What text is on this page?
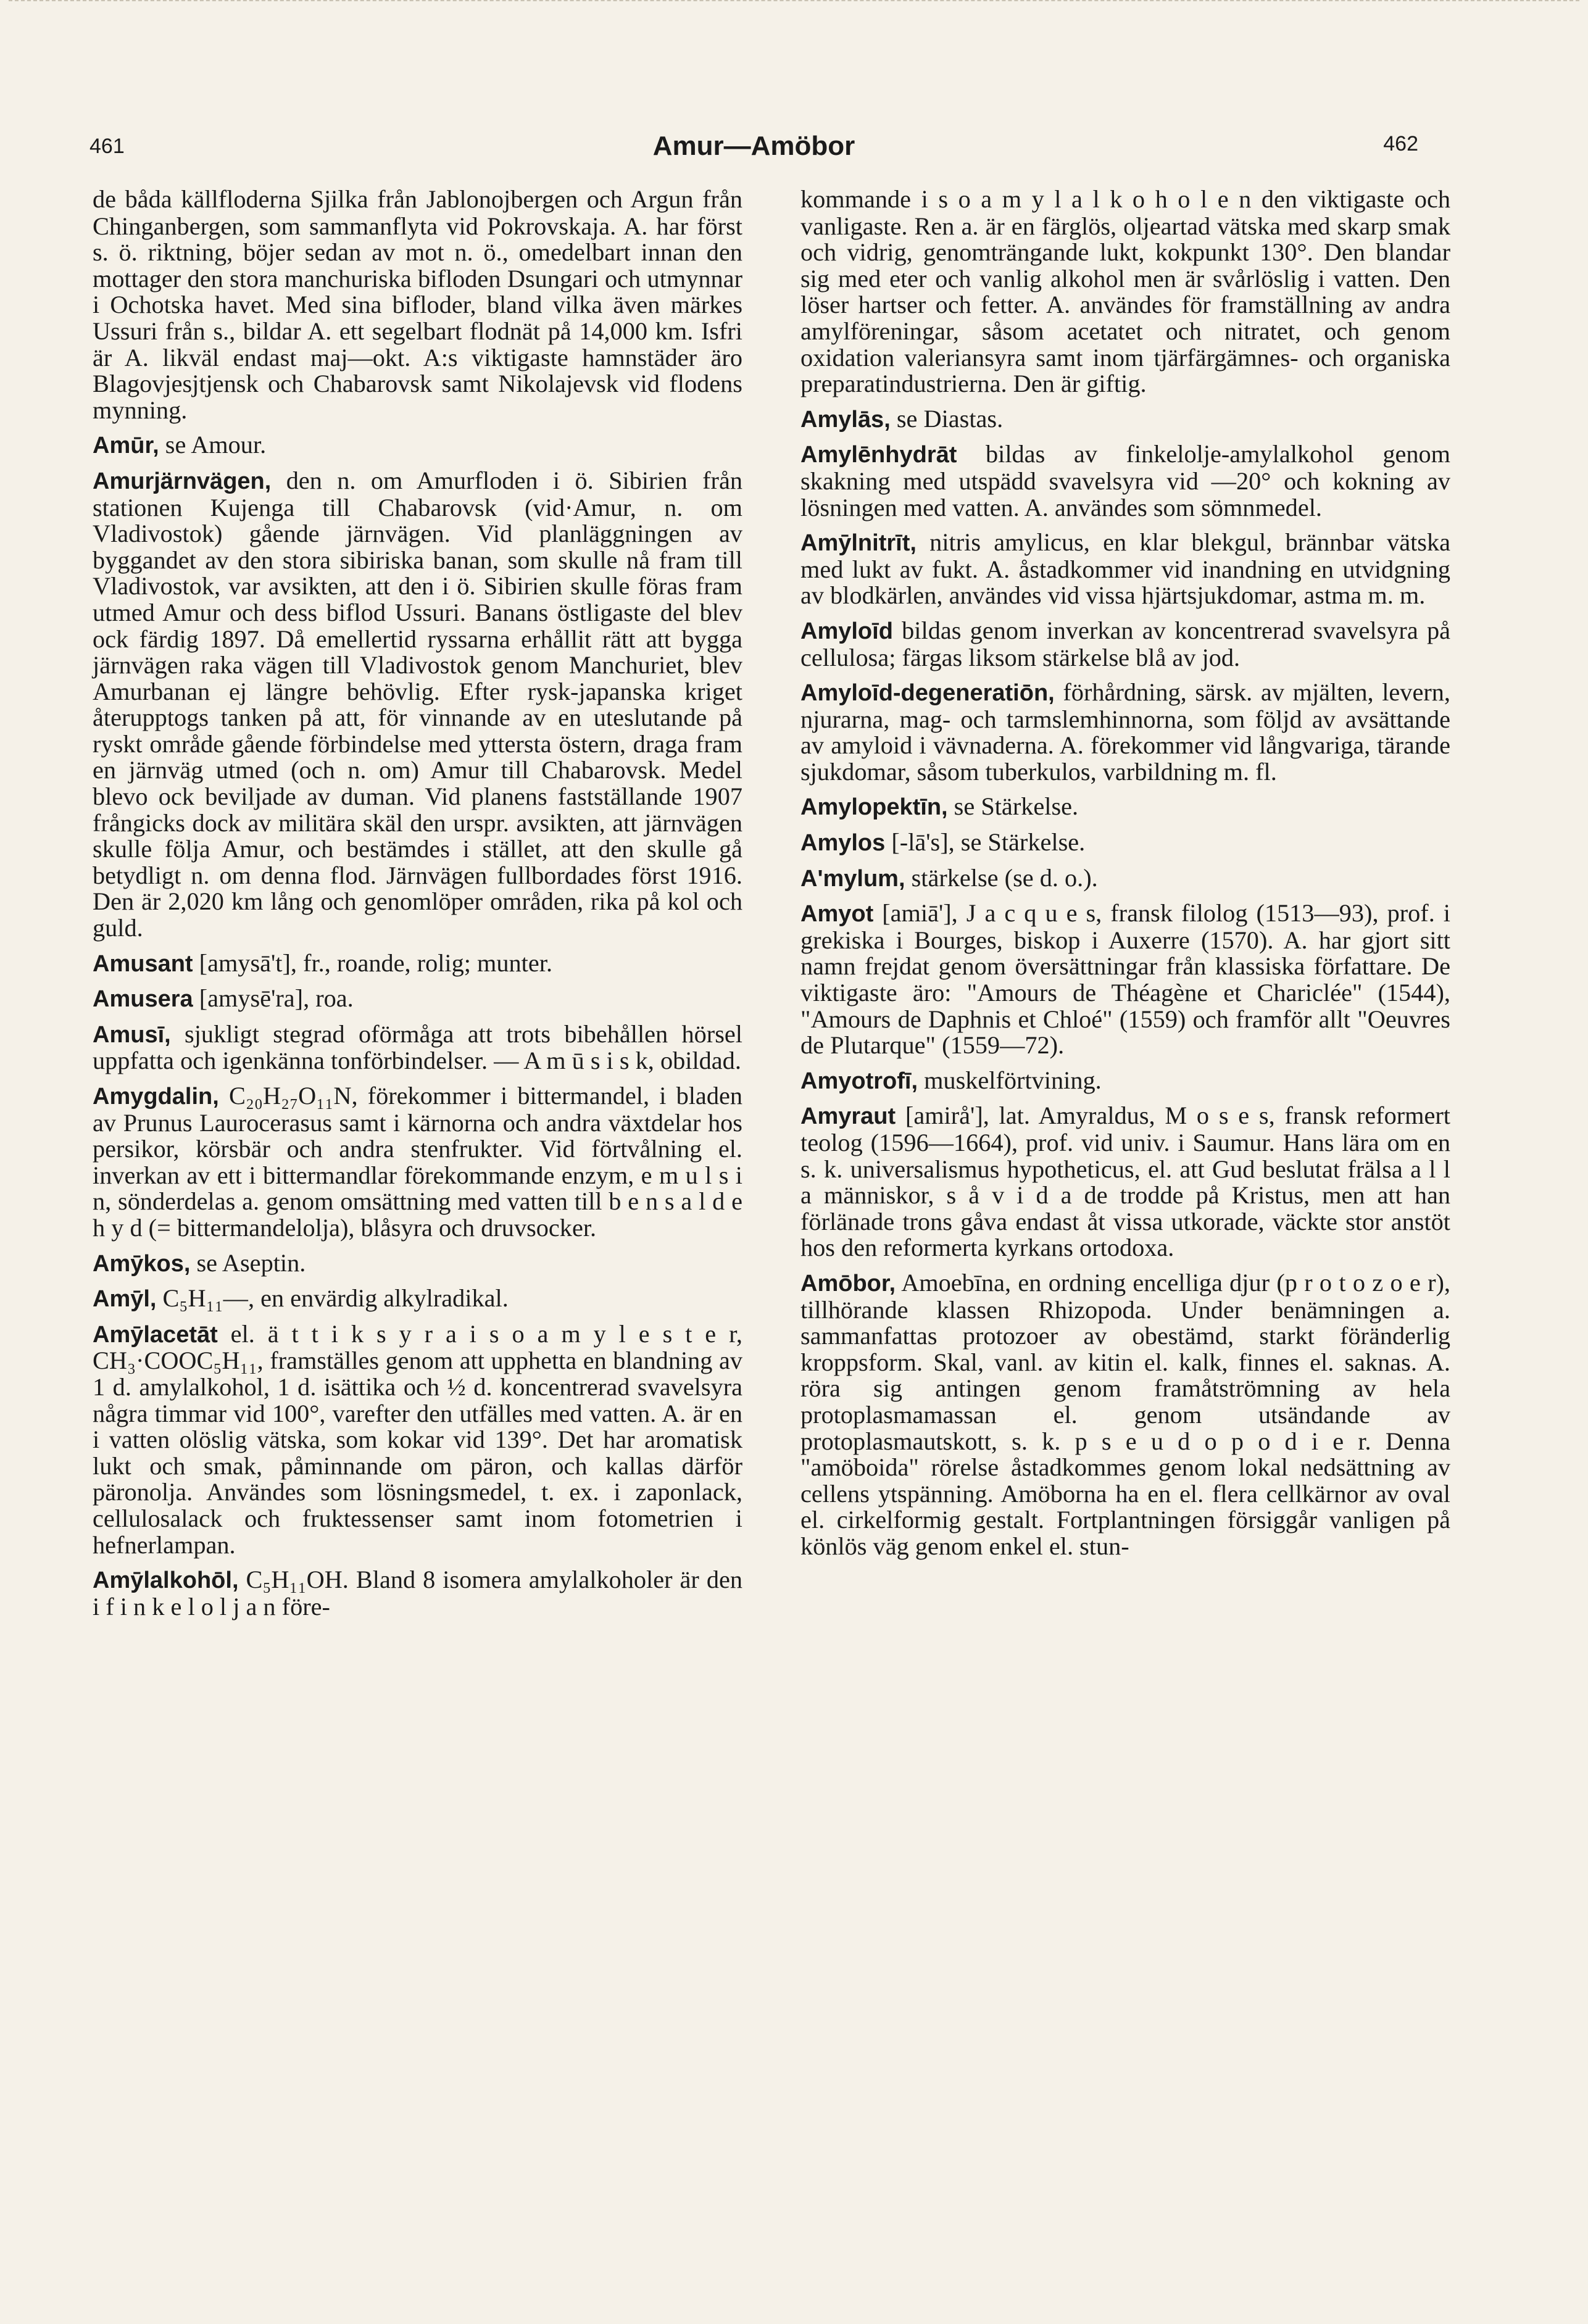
461	Amur—Amöbor	462

de båda källfloderna Sjilka från Jablonojbergen och Argun från Chinganbergen, som sammanflyta vid Pokrovskaja. A. har först s. ö. riktning, böjer sedan av mot n. ö., omedelbart innan den mottager den stora manchuriska bifloden Dsungari och utmynnar i Ochotska havet. Med sina bifloder, bland vilka även märkes Ussuri från s., bildar A. ett segelbart flodnät på 14,000 km. Isfri är A. likväl endast maj—okt. A:s viktigaste hamnstäder äro Blagovjesjtjensk och Chabarovsk samt Nikolajevsk vid flodens mynning.

Amūr, se Amour.

Amurjärnvägen, den n. om Amurfloden i ö. Sibirien från stationen Kujenga till Chabarovsk (vid·Amur, n. om Vladivostok) gående järnvägen. Vid planläggningen av byggandet av den stora sibiriska banan, som skulle nå fram till Vladivostok, var avsikten, att den i ö. Sibirien skulle föras fram utmed Amur och dess biflod Ussuri. Banans östligaste del blev ock färdig 1897. Då emellertid ryssarna erhållit rätt att bygga järnvägen raka vägen till Vladivostok genom Manchuriet, blev Amurbanan ej längre behövlig. Efter rysk-japanska kriget återupptogs tanken på att, för vinnande av en uteslutande på ryskt område gående förbindelse med yttersta östern, draga fram en järnväg utmed (och n. om) Amur till Chabarovsk. Medel blevo ock beviljade av duman. Vid planens fastställande 1907 frångicks dock av militära skäl den urspr. avsikten, att järnvägen skulle följa Amur, och bestämdes i stället, att den skulle gå betydligt n. om denna flod. Järnvägen fullbordades först 1916. Den är 2,020 km lång och genomlöper områden, rika på kol och guld.

Amusant [amysā't], fr., roande, rolig; munter.

Amusera [amysē'ra], roa.

Amusī, sjukligt stegrad oförmåga att trots bibehållen hörsel uppfatta och igenkänna tonförbindelser. — A m ū s i s k, obildad.

Amygdalin, C₂₀H₂₇O₁₁N, förekommer i bittermandel, i bladen av Prunus Laurocerasus samt i kärnorna och andra växtdelar hos persikor, körsbär och andra stenfrukter. Vid förtvålning el. inverkan av ett i bittermandlar förekommande enzym, e m u l s i n, sönderdelas a. genom omsättning med vatten till b e n s a l d e h y d (= bittermandelolja), blåsyra och druvsocker.

Amȳkos, se Aseptin.

Amȳl, C₅H₁₁—, en envärdig alkylradikal.

Amȳlacetāt el. ä t t i k s y r a i s o a m y l e s t e r, CH₃·COOC₅H₁₁, framställes genom att upphetta en blandning av 1 d. amylalkohol, 1 d. isättika och ½ d. koncentrerad svavelsyra några timmar vid 100°, varefter den utfälles med vatten. A. är en i vatten olöslig vätska, som kokar vid 139°. Det har aromatisk lukt och smak, påminnande om päron, och kallas därför päronolja. Användes som lösningsmedel, t. ex. i zaponlack, cellulosalack och fruktessenser samt inom fotometrien i hefnerlampan.

Amȳlalkohōl, C₅H₁₁OH. Bland 8 isomera amylalkoholer är den i f i n k e l o l j a n före-

kommande i s o a m y l a l k o h o l e n den viktigaste och vanligaste. Ren a. är en färglös, oljeartad vätska med skarp smak och vidrig, genomträngande lukt, kokpunkt 130°. Den blandar sig med eter och vanlig alkohol men är svårlöslig i vatten. Den löser hartser och fetter. A. användes för framställning av andra amylföreningar, såsom acetatet och nitratet, och genom oxidation valeriansyra samt inom tjärfärgämnes- och organiska preparatindustrierna. Den är giftig.

Amylās, se Diastas.

Amylēnhydrāt bildas av finkelolje-amylalkohol genom skakning med utspädd svavelsyra vid —20° och kokning av lösningen med vatten. A. användes som sömnmedel.

Amȳlnitrīt, nitris amylicus, en klar blekgul, brännbar vätska med lukt av fukt. A. åstadkommer vid inandning en utvidgning av blodkärlen, användes vid vissa hjärtsjukdomar, astma m. m.

Amyloīd bildas genom inverkan av koncentrerad svavelsyra på cellulosa; färgas liksom stärkelse blå av jod.

Amyloīd-degeneratiōn, förhårdning, särsk. av mjälten, levern, njurarna, mag- och tarmslemhinnorna, som följd av avsättande av amyloid i vävnaderna. A. förekommer vid långvariga, tärande sjukdomar, såsom tuberkulos, varbildning m. fl.

Amylopektīn, se Stärkelse.

Amylos [-lā's], se Stärkelse.

A'mylum, stärkelse (se d. o.).

Amyot [amiā'], J a c q u e s, fransk filolog (1513—93), prof. i grekiska i Bourges, biskop i Auxerre (1570). A. har gjort sitt namn frejdat genom översättningar från klassiska författare. De viktigaste äro: "Amours de Théagène et Chariclée" (1544), "Amours de Daphnis et Chloé" (1559) och framför allt "Oeuvres de Plutarque" (1559—72).

Amyotrofī, muskelförtvining.

Amyraut [amirå'], lat. Amyraldus, M o s e s, fransk reformert teolog (1596—1664), prof. vid univ. i Saumur. Hans lära om en s. k. universalismus hypotheticus, el. att Gud beslutat frälsa a l l a människor, s å v i d a de trodde på Kristus, men att han förlänade trons gåva endast åt vissa utkorade, väckte stor anstöt hos den reformerta kyrkans ortodoxa.

Amōbor, Amoebīna, en ordning encelliga djur (p r o t o z o e r), tillhörande klassen Rhizopoda. Under benämningen a. sammanfattas protozoer av obestämd, starkt föränderlig kroppsform. Skal, vanl. av kitin el. kalk, finnes el. saknas. A. röra sig antingen genom framåtströmning av hela protoplasmamassan el. genom utsändande av protoplasmautskott, s. k. p s e u d o p o d i e r. Denna "amöboida" rörelse åstadkommes genom lokal nedsättning av cellens ytspänning. Amöborna ha en el. flera cellkärnor av oval el. cirkelformig gestalt. Fortplantningen försiggår vanligen på könlös väg genom enkel el. stun-
